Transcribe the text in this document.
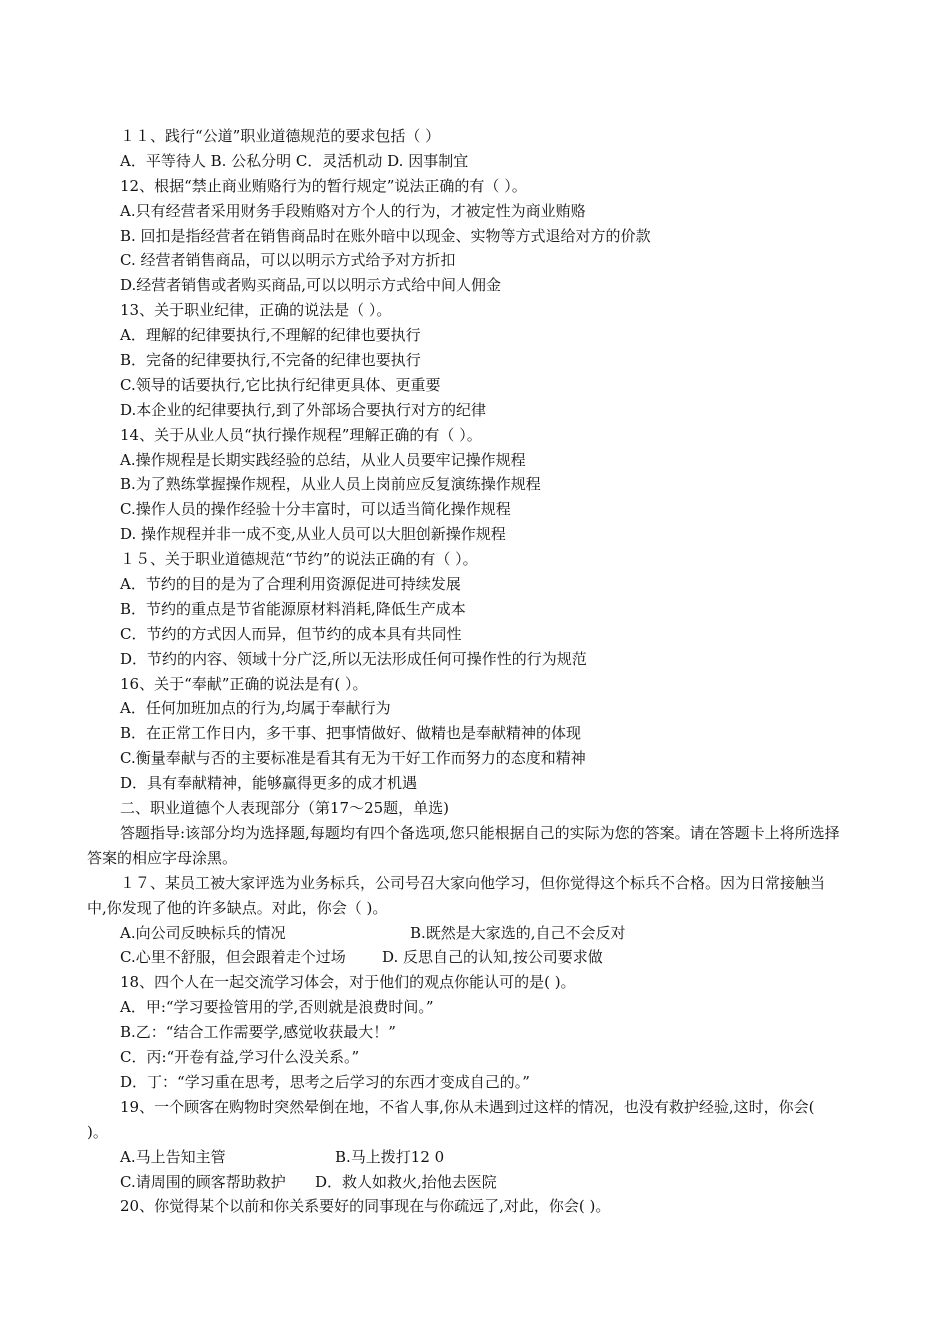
１１、践行“公道”职业道德规范的要求包括（ ）
A．平等待人 B. 公私分明 C．灵活机动 D. 因事制宜
12、根据“禁止商业贿赂行为的暂行规定”说法正确的有（ ）。
A.只有经营者采用财务手段贿赂对方个人的行为，才被定性为商业贿赂
B. 回扣是指经营者在销售商品时在账外暗中以现金、实物等方式退给对方的价款
C. 经营者销售商品，可以以明示方式给予对方折扣
D.经营者销售或者购买商品,可以以明示方式给中间人佣金
13、关于职业纪律，正确的说法是（ ）。
A．理解的纪律要执行,不理解的纪律也要执行
B．完备的纪律要执行,不完备的纪律也要执行
C.领导的话要执行,它比执行纪律更具体、更重要
D.本企业的纪律要执行,到了外部场合要执行对方的纪律
14、关于从业人员“执行操作规程”理解正确的有（ ）。
A.操作规程是长期实践经验的总结，从业人员要牢记操作规程
B.为了熟练掌握操作规程，从业人员上岗前应反复演练操作规程
C.操作人员的操作经验十分丰富时，可以适当简化操作规程
D. 操作规程并非一成不变,从业人员可以大胆创新操作规程
１５、关于职业道德规范“节约”的说法正确的有（ ）。
A．节约的目的是为了合理利用资源促进可持续发展
B．节约的重点是节省能源原材料消耗,降低生产成本
C．节约的方式因人而异，但节约的成本具有共同性
D．节约的内容、领域十分广泛,所以无法形成任何可操作性的行为规范
16、关于“奉献”正确的说法是有( ）。
A．任何加班加点的行为,均属于奉献行为
B．在正常工作日内，多干事、把事情做好、做精也是奉献精神的体现
C.衡量奉献与否的主要标准是看其有无为干好工作而努力的态度和精神
D．具有奉献精神，能够赢得更多的成才机遇
二、职业道德个人表现部分（第17～25题，单选)
答题指导:该部分均为选择题,每题均有四个备选项,您只能根据自己的实际为您的答案。请在答题卡上将所选择答案的相应字母涂黑。
１７、某员工被大家评选为业务标兵，公司号召大家向他学习，但你觉得这个标兵不合格。因为日常接触当中,你发现了他的许多缺点。对此，你会（ )。
A.向公司反映标兵的情况	B.既然是大家选的,自己不会反对
C.心里不舒服，但会跟着走个过场	D. 反思自己的认知,按公司要求做
18、四个人在一起交流学习体会，对于他们的观点你能认可的是( )。
A．甲:“学习要捡管用的学,否则就是浪费时间。”
B.乙：“结合工作需要学,感觉收获最大！”
C．丙:“开卷有益,学习什么没关系。”
D．丁：“学习重在思考，思考之后学习的东西才变成自己的。”
19、一个顾客在购物时突然晕倒在地，不省人事,你从未遇到过这样的情况，也没有救护经验,这时，你会( )。
A.马上告知主管	B.马上拨打12 0
C.请周围的顾客帮助救护	D．救人如救火,抬他去医院
20、你觉得某个以前和你关系要好的同事现在与你疏远了,对此，你会( )。
